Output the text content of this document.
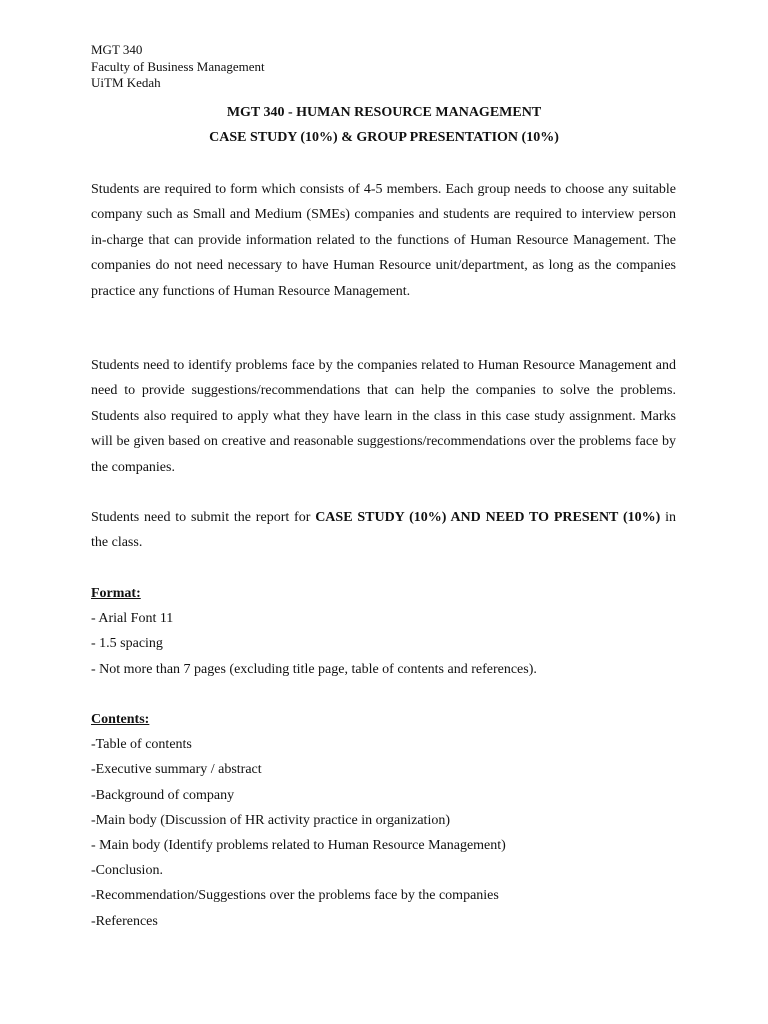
MGT 340
Faculty of Business Management
UiTM Kedah
MGT 340 - HUMAN RESOURCE MANAGEMENT
CASE STUDY (10%) & GROUP PRESENTATION (10%)
Students are required to form which consists of 4-5 members. Each group needs to choose any suitable company such as Small and Medium (SMEs) companies and students are required to interview person in-charge that can provide information related to the functions of Human Resource Management. The companies do not need necessary to have Human Resource unit/department, as long as the companies practice any functions of Human Resource Management.
Students need to identify problems face by the companies related to Human Resource Management and need to provide suggestions/recommendations that can help the companies to solve the problems. Students also required to apply what they have learn in the class in this case study assignment. Marks will be given based on creative and reasonable suggestions/recommendations over the problems face by the companies.
Students need to submit the report for CASE STUDY (10%) AND NEED TO PRESENT (10%) in the class.
Format:
- Arial Font 11
- 1.5 spacing
- Not more than 7 pages (excluding title page, table of contents and references).
Contents:
-Table of contents
-Executive summary / abstract
-Background of company
-Main body (Discussion of HR activity practice in organization)
- Main body (Identify problems related to Human Resource Management)
-Conclusion.
-Recommendation/Suggestions over the problems face by the companies
-References
